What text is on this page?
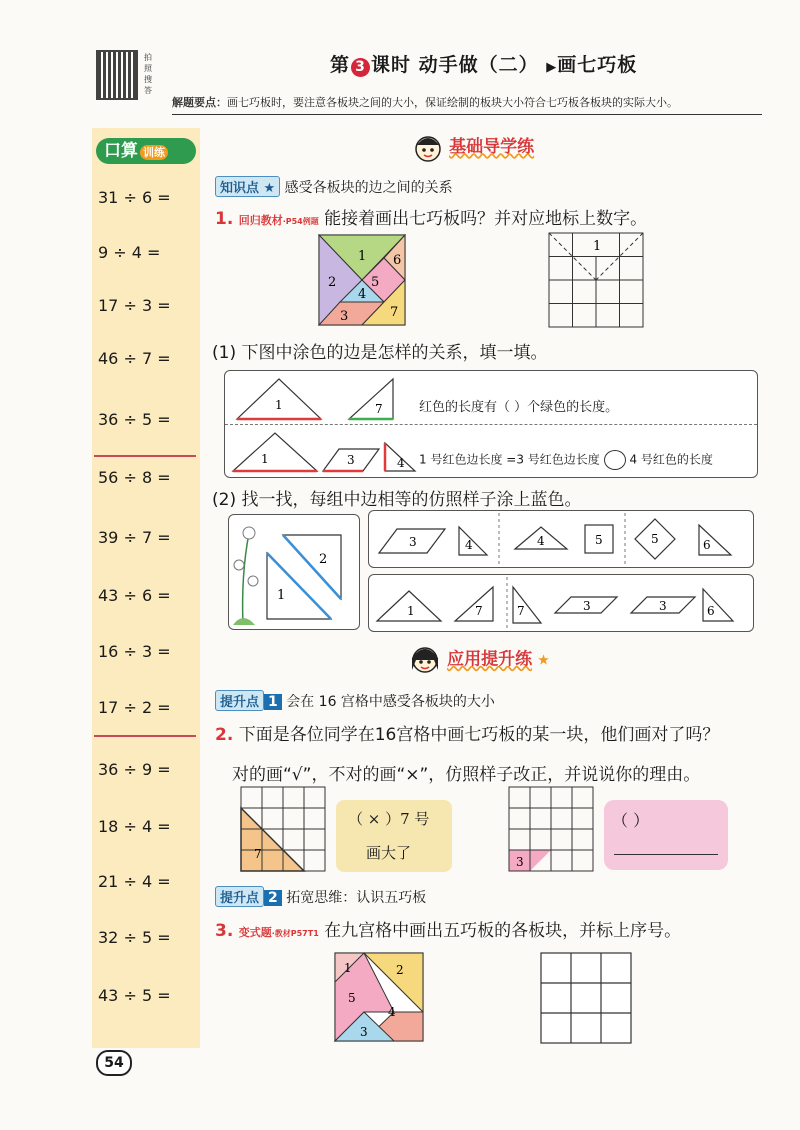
拍照搜答
第 3 课时 动手做（二） ▶画七巧板
解题要点：画七巧板时，要注意各板块之间的大小，保证绘制的板块大小符合七巧板各板块的实际大小。
口算 训练
31 ÷ 6 =
9 ÷ 4 =
17 ÷ 3 =
46 ÷ 7 =
36 ÷ 5 =
56 ÷ 8 =
39 ÷ 7 =
43 ÷ 6 =
16 ÷ 3 =
17 ÷ 2 =
36 ÷ 9 =
18 ÷ 4 =
21 ÷ 4 =
32 ÷ 5 =
43 ÷ 5 =
基础导学练
知识点 ★ 感受各板块的边之间的关系
1. 回归教材·P54例题 能接着画出七巧板吗？并对应地标上数字。
1
2
3
4
5
6
7
1
(1) 下图中涂色的边是怎样的关系，填一填。
1	7	红色的长度有（ ）个绿色的长度。
1	3	4 1 号红色边长度 =3 号红色边长度 4 号红色的长度
(2) 找一找，每组中边相等的仿照样子涂上蓝色。
2
1
3	4	4	5	5	6
1	7	7	3	3	6
应用提升练 ★
提升点 1 会在 16 宫格中感受各板块的大小
2. 下面是各位同学在16宫格中画七巧板的某一块，他们画对了吗？
对的画“√”，不对的画“×”，仿照样子改正，并说说你的理由。
7
（ × ）7 号
画大了	3
（ ）
提升点 2 拓宽思维：认识五巧板
3. 变式题·教材P57T1 在九宫格中画出五巧板的各板块，并标上序号。
1	2
5
3
4
54
